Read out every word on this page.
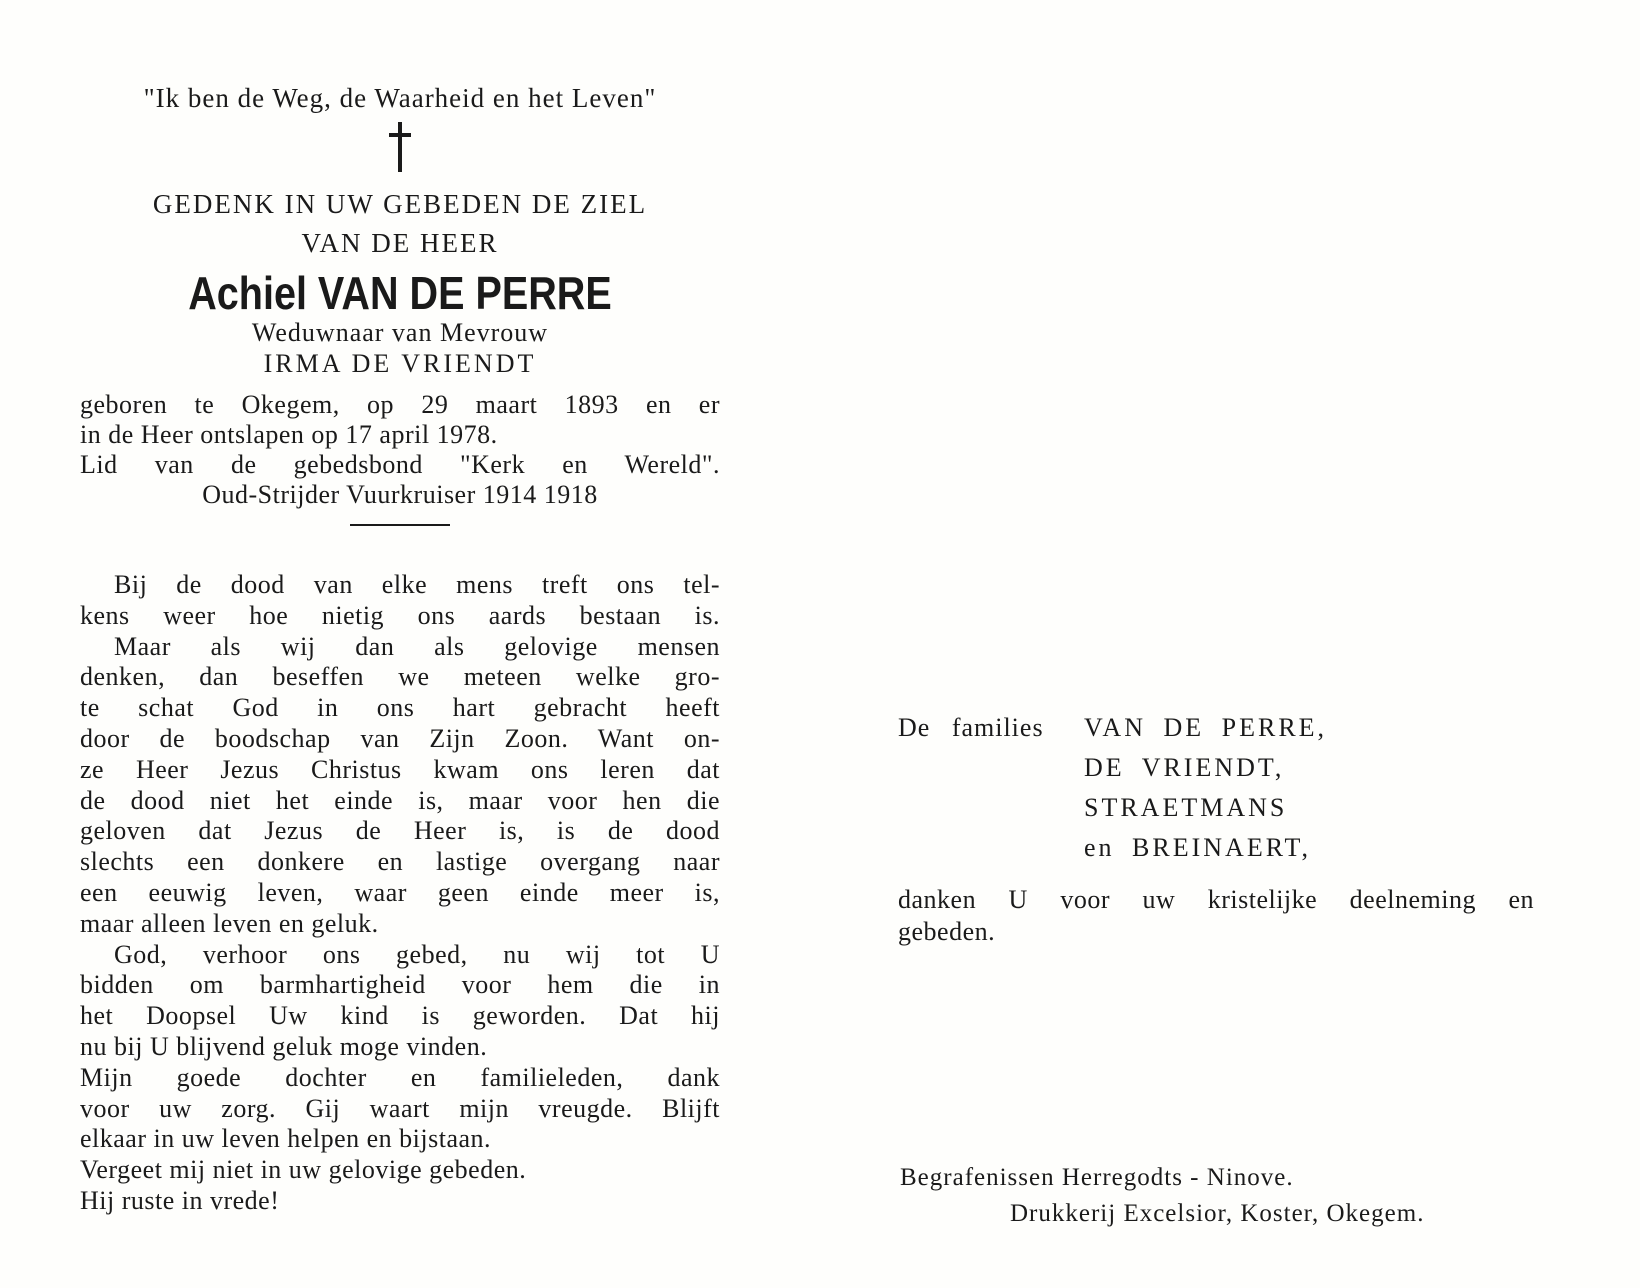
"Ik ben de Weg, de Waarheid en het Leven"

GEDENK IN UW GEBEDEN DE ZIEL

VAN DE HEER

Achiel VAN DE PERRE

Weduwnaar van Mevrouw

IRMA DE VRIENDT

geboren te Okegem, op 29 maart 1893 en er
in de Heer ontslapen op 17 april 1978.
Lid van de gebedsbond "Kerk en Wereld".
Oud-Strijder Vuurkruiser 1914 1918
Bij de dood van elke mens treft ons tel-
kens weer hoe nietig ons aards bestaan is.
Maar als wij dan als gelovige mensen
denken, dan beseffen we meteen welke gro-
te schat God in ons hart gebracht heeft
door de boodschap van Zijn Zoon. Want on-
ze Heer Jezus Christus kwam ons leren dat
de dood niet het einde is, maar voor hen die
geloven dat Jezus de Heer is, is de dood
slechts een donkere en lastige overgang naar
een eeuwig leven, waar geen einde meer is,
maar alleen leven en geluk.
God, verhoor ons gebed, nu wij tot U
bidden om barmhartigheid voor hem die in
het Doopsel Uw kind is geworden. Dat hij
nu bij U blijvend geluk moge vinden.
Mijn goede dochter en familieleden, dank
voor uw zorg. Gij waart mijn vreugde. Blijft
elkaar in uw leven helpen en bijstaan.
Vergeet mij niet in uw gelovige gebeden.
Hij ruste in vrede!
De families VAN DE PERRE,
DE VRIENDT,
STRAETMANS
en BREINAERT,
danken U voor uw kristelijke deelneming en
gebeden.
Begrafenissen Herregodts - Ninove.
Drukkerij Excelsior, Koster, Okegem.
